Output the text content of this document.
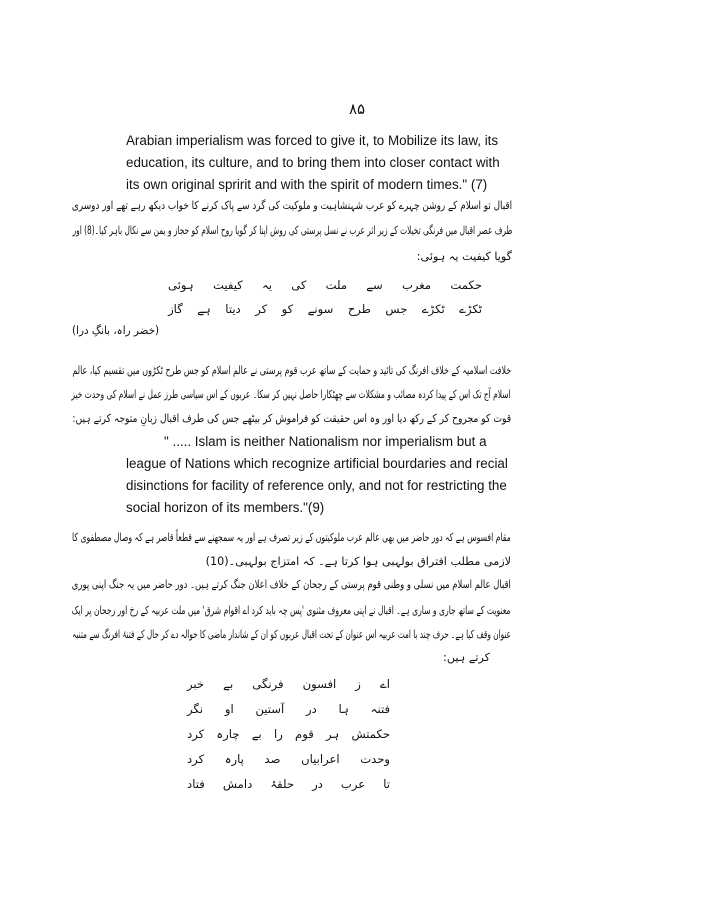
۸۵

Arabian imperialism was forced to give it, to Mobilize its law, its

education, its culture, and to bring them into closer contact with

its own original spririt and with the spirit of modern times." (7)

اقبال تو اسلام کے روشن چہرے کو عرب شہنشاہیت و ملوکیت کی گرد سے پاک کرنے کا خواب دیکھ رہے تھے اور دوسری
طرف عصر اقبال میں فرنگی تخیلات کے زیر اثر عرب نے نسل پرستی کی روش اپنا کر گویا روح اسلام کو حجاز و یمن سے نکال باہر کیا۔(8) اور
گویا کیفیت یہ ہوئی:
حکمت
مغرب
سے
ملت
کی
یہ
کیفیت
ہوئی
ٹکڑے
ٹکڑے
جس
طرح
سونے
کو
کر
دیتا
ہے
گاز
(خضر راہ، بانگِ درا)
خلافت اسلامیہ کے خلاف افرنگ کی تائید و حمایت کے ساتھ عرب قوم پرستی نے عالم اسلام کو جس طرح ٹکڑوں میں تقسیم کیا، عالم
اسلام آج تک اس کے پیدا کردہ مصائب و مشکلات سے چھٹکارا حاصل نہیں کر سکا۔ عربوں کے اس سیاسی طرز عمل نے اسلام کی وحدت خیز
قوت کو مجروح کر کے رکھ دیا اور وہ اس حقیقت کو فراموش کر بیٹھے جس کی طرف اقبال زبانِ متوجہ کرتے ہیں:

" ..... Islam is neither Nationalism nor imperialism but a

league of Nations which recognize artificial bourdaries and recial

disinctions for facility of reference only, and not for restricting the

social horizon of its members."(9)

مقام افسوس ہے کہ دور حاضر میں بھی عالم عرب ملوکیتوں کے زیر تصرف ہے اور یہ سمجھنے سے قطعاً قاصر ہے کہ وصال مصطفوی کا
لازمی مطلب افتراق بولہبی ہوا کرتا ہے۔ کہ امتزاج بولہبی۔(10)
اقبال عالم اسلام میں نسلی و وطنی قوم پرستی کے رجحان کے خلاف اعلان جنگ کرتے ہیں۔ دور حاضر میں یہ جنگ اپنی پوری
معنویت کے ساتھ جاری و ساری ہے۔ اقبال نے اپنی معروف مثنوی 'پس چہ باید کرد اے اقوام شرق' میں ملت عربیہ کے رخ اور رجحان پر ایک
عنوان وقف کیا ہے۔ حرف چند با امت عربیہ اس عنوان کے تحت اقبال عربوں کو ان کے شاندار ماضی کا حوالہ دے کر حال کے فتنۂ افرنگ سے متنبہ
کرتے ہیں:
اے
ز
افسون
فرنگی
بے
خبر
فتنہ
ہا
در
آستین
او
نگر
حکمتش
ہر
قوم
را
بے
چارہ
کرد
وحدت
اعرابیاں
صد
پارہ
کرد
تا
عرب
در
حلقۂ
دامش
فتاد
